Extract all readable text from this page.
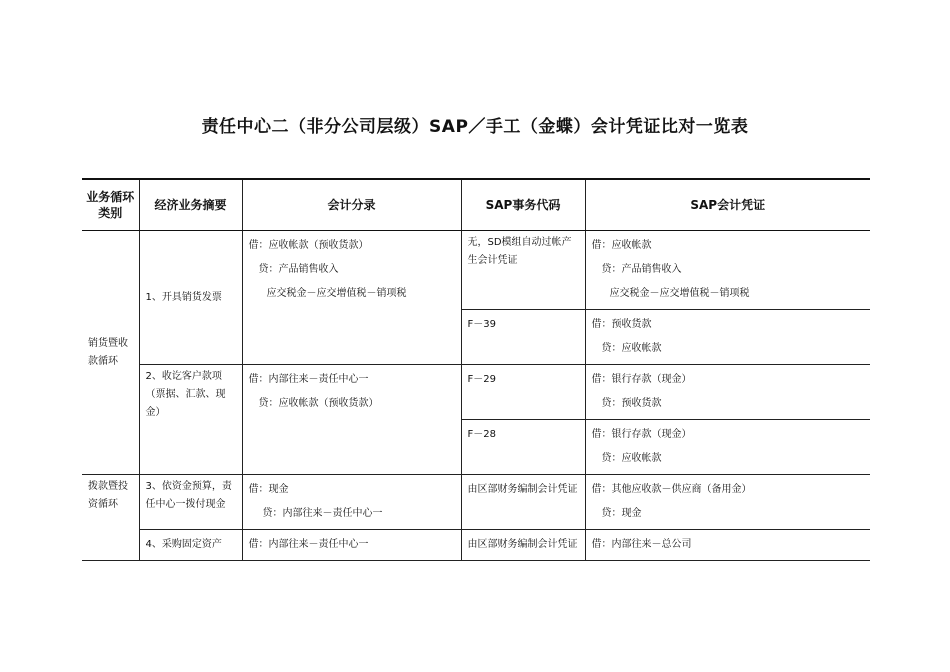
责任中心二（非分公司层级）SAP／手工（金蝶）会计凭证比对一览表
业务循环类别	经济业务摘要	会计分录	SAP事务代码	SAP会计凭证
销货暨收款循环	1、开具销货发票	借：应收帐款（预收货款）
贷：产品销售收入
应交税金－应交增值税－销项税	无，SD模组自动过帐产生会计凭证	借：应收帐款
贷：产品销售收入
应交税金－应交增值税－销项税

			F－39	借：预收货款
贷：应收帐款

	2、收讫客户款项（票据、汇款、现金）	借：内部往来－责任中心一
贷：应收帐款（预收货款）	F－29	借：银行存款（现金）
贷：预收货款

			F－28	借：银行存款（现金）
贷：应收帐款

拨款暨投资循环	3、依资金预算，责任中心一拨付现金	借：现金
贷：内部往来－责任中心一	由区部财务编制会计凭证	借：其他应收款－供应商（备用金）
贷：现金

	4、采购固定资产	借：内部往来－责任中心一	由区部财务编制会计凭证	借：内部往来－总公司
